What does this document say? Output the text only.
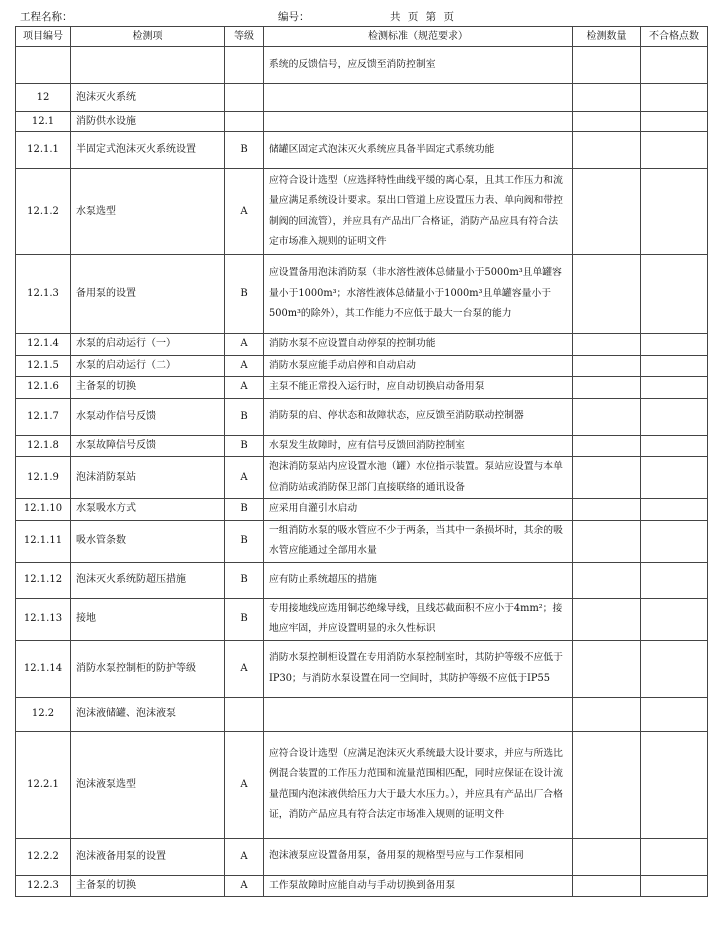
工程名称：	编号：	共 页 第 页
项目编号	检测项	等级	检测标准（规范要求）	检测数量	不合格点数
			系统的反馈信号，应反馈至消防控制室		
12	泡沫灭火系统				
12.1	消防供水设施				
12.1.1	半固定式泡沫灭火系统设置	B	储罐区固定式泡沫灭火系统应具备半固定式系统功能		
12.1.2	水泵选型	A	应符合设计选型（应选择特性曲线平缓的离心泵，且其工作压力和流量应满足系统设计要求。泵出口管道上应设置压力表、单向阀和带控制阀的回流管），并应具有产品出厂合格证，消防产品应具有符合法定市场准入规则的证明文件		
12.1.3	备用泵的设置	B	应设置备用泡沫消防泵（非水溶性液体总储量小于5000m³且单罐容量小于1000m³；水溶性液体总储量小于1000m³且单罐容量小于500m³的除外），其工作能力不应低于最大一台泵的能力		
12.1.4	水泵的启动运行（一）	A	消防水泵不应设置自动停泵的控制功能		
12.1.5	水泵的启动运行（二）	A	消防水泵应能手动启停和自动启动		
12.1.6	主备泵的切换	A	主泵不能正常投入运行时，应自动切换启动备用泵		
12.1.7	水泵动作信号反馈	B	消防泵的启、停状态和故障状态，应反馈至消防联动控制器		
12.1.8	水泵故障信号反馈	B	水泵发生故障时，应有信号反馈回消防控制室		
12.1.9	泡沫消防泵站	A	泡沫消防泵站内应设置水池（罐）水位指示装置。泵站应设置与本单位消防站或消防保卫部门直接联络的通讯设备		
12.1.10	水泵吸水方式	B	应采用自灌引水启动		
12.1.11	吸水管条数	B	一组消防水泵的吸水管应不少于两条，当其中一条损坏时，其余的吸水管应能通过全部用水量		
12.1.12	泡沫灭火系统防超压措施	B	应有防止系统超压的措施		
12.1.13	接地	B	专用接地线应选用铜芯绝缘导线，且线芯截面积不应小于4mm²；接地应牢固，并应设置明显的永久性标识		
12.1.14	消防水泵控制柜的防护等级	A	消防水泵控制柜设置在专用消防水泵控制室时，其防护等级不应低于IP30；与消防水泵设置在同一空间时，其防护等级不应低于IP55		
12.2	泡沫液储罐、泡沫液泵				
12.2.1	泡沫液泵选型	A	应符合设计选型（应满足泡沫灭火系统最大设计要求，并应与所选比例混合装置的工作压力范围和流量范围相匹配，同时应保证在设计流量范围内泡沫液供给压力大于最大水压力。），并应具有产品出厂合格证，消防产品应具有符合法定市场准入规则的证明文件		
12.2.2	泡沫液备用泵的设置	A	泡沫液泵应设置备用泵，备用泵的规格型号应与工作泵相同		
12.2.3	主备泵的切换	A	工作泵故障时应能自动与手动切换到备用泵		
